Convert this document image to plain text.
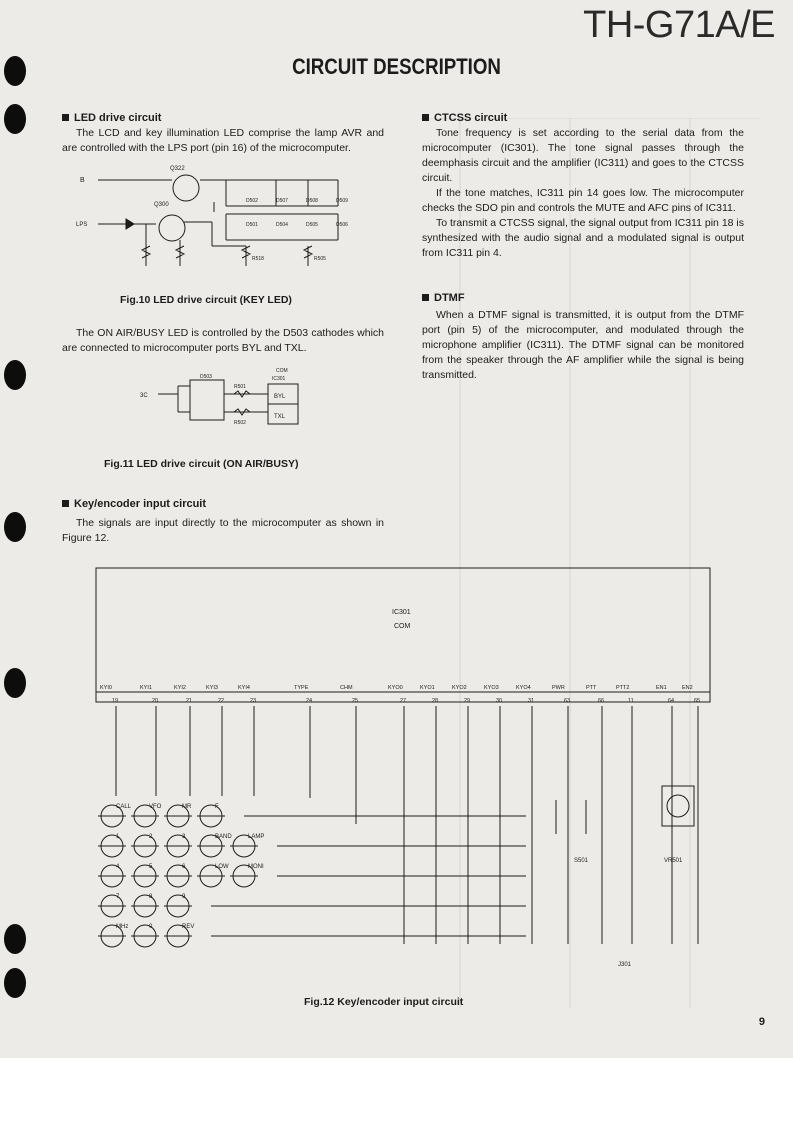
TH-G71A/E
CIRCUIT DESCRIPTION
LED drive circuit

The LCD and key illumination LED comprise the lamp AVR and are controlled with the LPS port (pin 16) of the microcomputer.

Q322
Q300
B
LPS
D502	D507	D508	D509
D501	D504	D505	D506
R518	R505
Fig.10 LED drive circuit (KEY LED)

The ON AIR/BUSY LED is controlled by the D503 cathodes which are connected to microcomputer ports BYL and TXL.

D503
R501
R502
COM
IC301
BYL
TXL
3C
Fig.11 LED drive circuit (ON AIR/BUSY)
Key/encoder input circuit

The signals are input directly to the microcomputer as shown in Figure 12.

CTCSS circuit

Tone frequency is set according to the serial data from the microcomputer (IC301). The tone signal passes through the deemphasis circuit and the amplifier (IC311) and goes to the CTCSS circuit.

If the tone matches, IC311 pin 14 goes low. The microcomputer checks the SDO pin and controls the MUTE and AFC pins of IC311.

To transmit a CTCSS signal, the signal output from IC311 pin 18 is synthesized with the audio signal and a modulated signal is output from IC311 pin 4.

DTMF

When a DTMF signal is transmitted, it is output from the DTMF port (pin 5) of the microcomputer, and modulated through the microphone amplifier (IC311). The DTMF signal can be monitored from the speaker through the AF amplifier while the signal is being transmitted.

IC301
COM
KYI0	KYI1	KYI2	KYI3	KYI4	TYPE	CHM	KYO0	KYO1	KYO2	KYO3	KYO4	PWR	PTT	PTT2	EN1	EN2
19	20	21	22	23	24	25	27	28	29	30	31	63	66	11	64	65
CALL	VFO	MR	F
1	2	3	BAND	LAMP
4	5	6	LOW	MONI
7	8	9
MHz	0	REV
S501	VR501
J301
Fig.12 Key/encoder input circuit
9
